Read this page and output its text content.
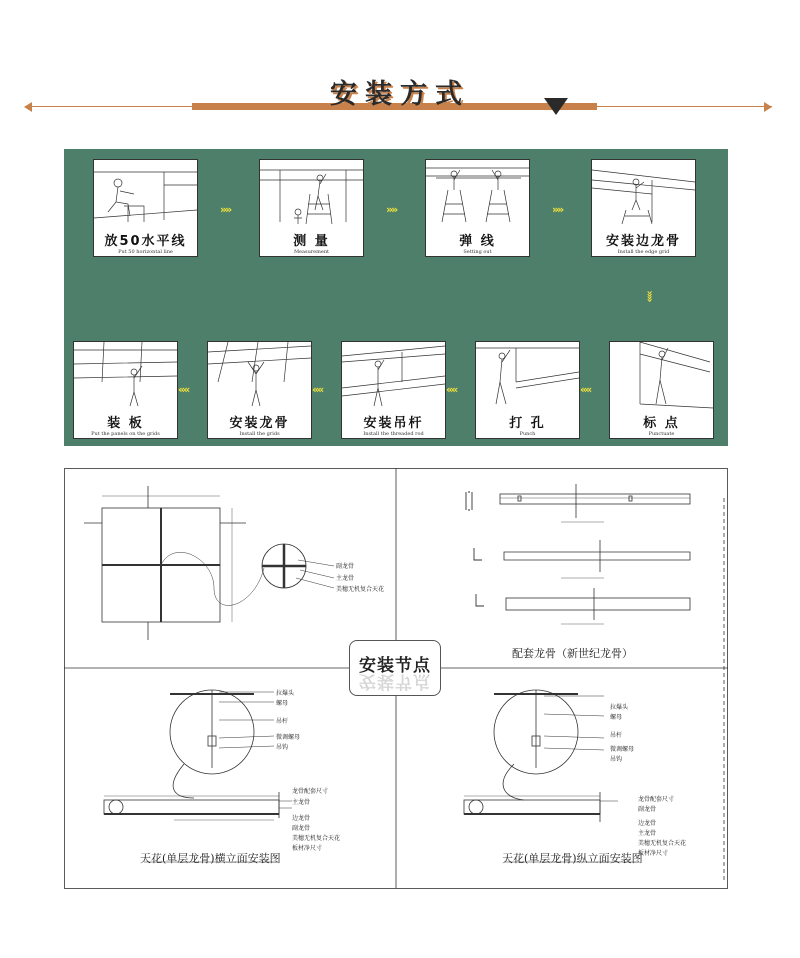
安装方式
放50水平线
Put 50 horizontal line
»»
测 量
Measurement
»»
弹 线
Setting out
»»
安装边龙骨
Install the edge grid
»»
标 点
Punctuate
»»
打 孔
Punch
»»
安装吊杆
Install the threaded rod
»»
安装龙骨
Install the grids
»»
装 板
Put the panels on the grids
副龙骨
主龙骨
美穗无机复合天花
配套龙骨（新世纪龙骨）
拉爆头
螺母
吊杆
微调螺母
吊钩
龙骨配套尺寸
主龙骨
边龙骨
副龙骨
美穗无机复合天花
板材净尺寸
天花(单层龙骨)横立面安装图
拉爆头
螺母
吊杆
微调螺母
吊钩
龙骨配套尺寸
副龙骨
边龙骨
主龙骨
美穗无机复合天花
板材净尺寸
天花(单层龙骨)纵立面安装图
安装节点
安装节点
